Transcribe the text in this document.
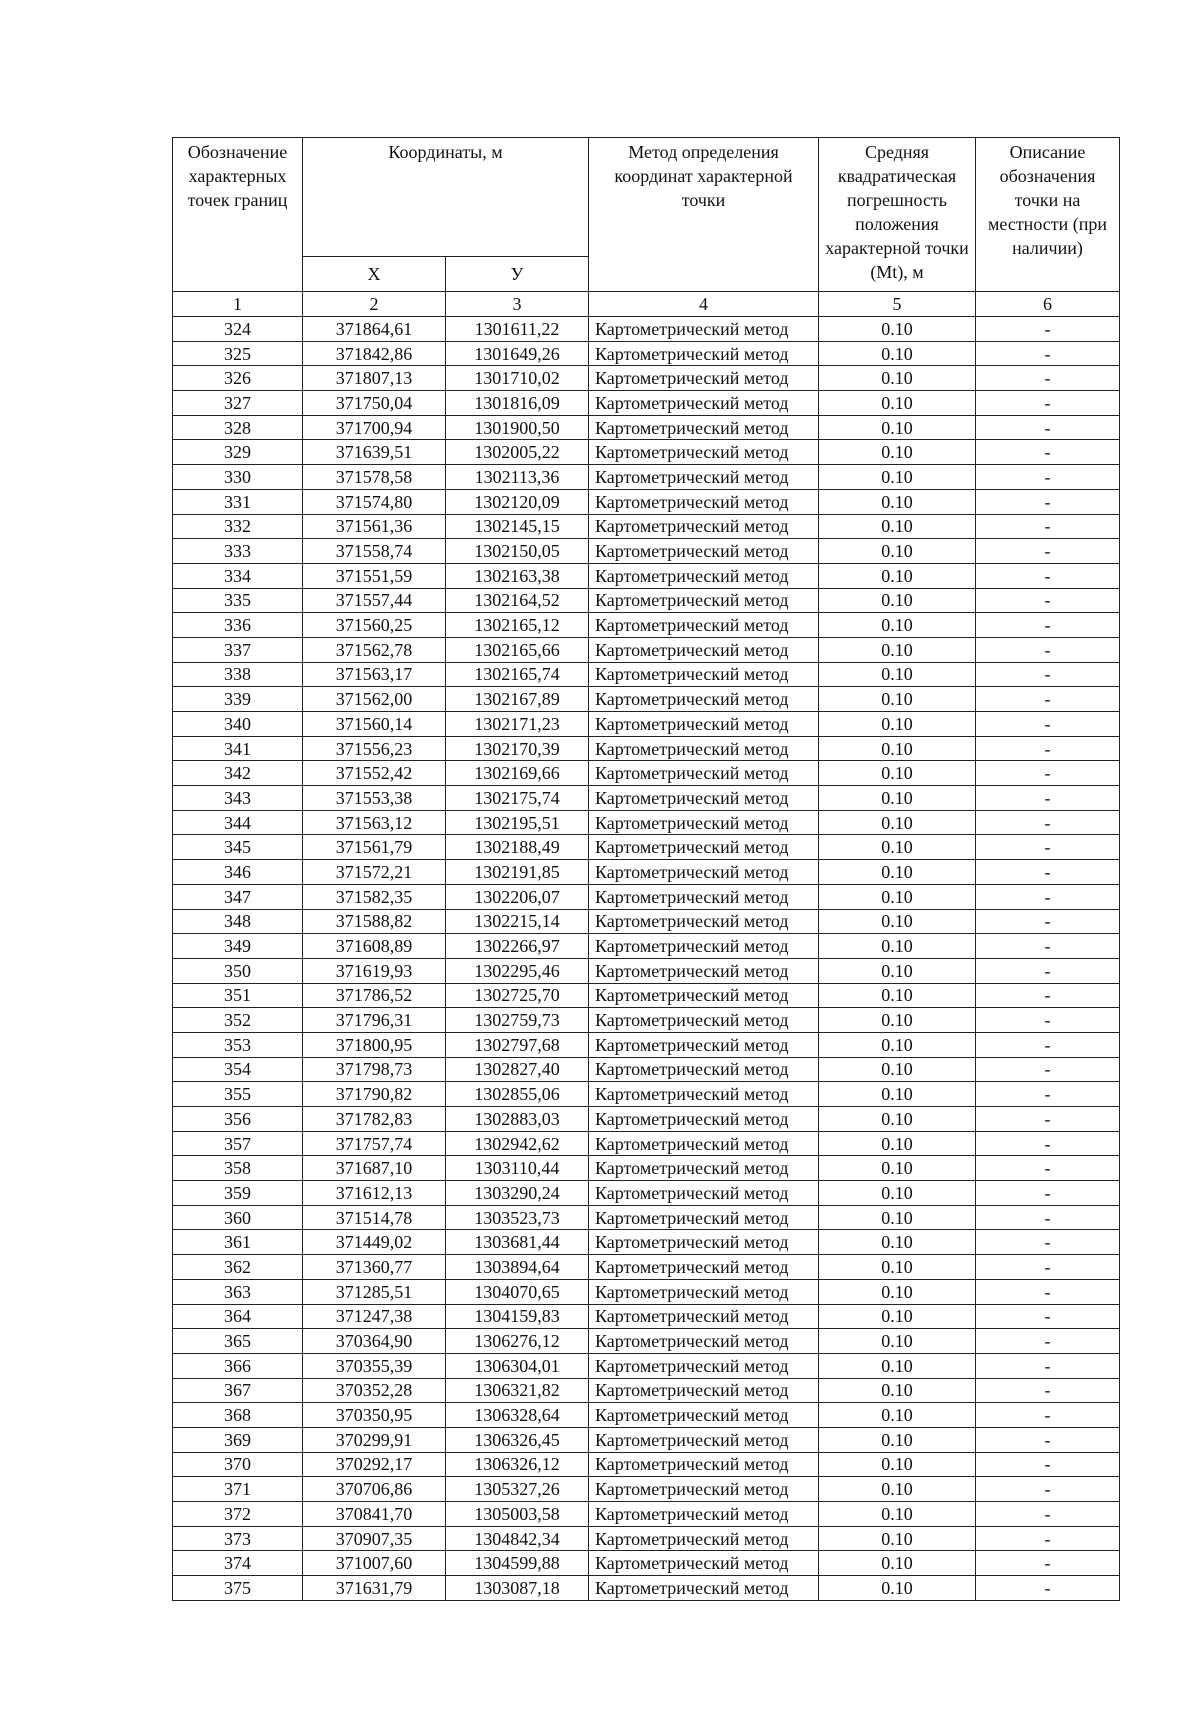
Обозначение характерных точек границ	Координаты, м		Метод определения координат характерной точки	Средняя квадратическая погрешность положения характерной точки (Mt), м	Описание обозначения точки на местности (при наличии)

	X	У			
1	2	3	4	5	6
324	371864,61	1301611,22	Картометрический метод	0.10	-
325	371842,86	1301649,26	Картометрический метод	0.10	-
326	371807,13	1301710,02	Картометрический метод	0.10	-
327	371750,04	1301816,09	Картометрический метод	0.10	-
328	371700,94	1301900,50	Картометрический метод	0.10	-
329	371639,51	1302005,22	Картометрический метод	0.10	-
330	371578,58	1302113,36	Картометрический метод	0.10	-
331	371574,80	1302120,09	Картометрический метод	0.10	-
332	371561,36	1302145,15	Картометрический метод	0.10	-
333	371558,74	1302150,05	Картометрический метод	0.10	-
334	371551,59	1302163,38	Картометрический метод	0.10	-
335	371557,44	1302164,52	Картометрический метод	0.10	-
336	371560,25	1302165,12	Картометрический метод	0.10	-
337	371562,78	1302165,66	Картометрический метод	0.10	-
338	371563,17	1302165,74	Картометрический метод	0.10	-
339	371562,00	1302167,89	Картометрический метод	0.10	-
340	371560,14	1302171,23	Картометрический метод	0.10	-
341	371556,23	1302170,39	Картометрический метод	0.10	-
342	371552,42	1302169,66	Картометрический метод	0.10	-
343	371553,38	1302175,74	Картометрический метод	0.10	-
344	371563,12	1302195,51	Картометрический метод	0.10	-
345	371561,79	1302188,49	Картометрический метод	0.10	-
346	371572,21	1302191,85	Картометрический метод	0.10	-
347	371582,35	1302206,07	Картометрический метод	0.10	-
348	371588,82	1302215,14	Картометрический метод	0.10	-
349	371608,89	1302266,97	Картометрический метод	0.10	-
350	371619,93	1302295,46	Картометрический метод	0.10	-
351	371786,52	1302725,70	Картометрический метод	0.10	-
352	371796,31	1302759,73	Картометрический метод	0.10	-
353	371800,95	1302797,68	Картометрический метод	0.10	-
354	371798,73	1302827,40	Картометрический метод	0.10	-
355	371790,82	1302855,06	Картометрический метод	0.10	-
356	371782,83	1302883,03	Картометрический метод	0.10	-
357	371757,74	1302942,62	Картометрический метод	0.10	-
358	371687,10	1303110,44	Картометрический метод	0.10	-
359	371612,13	1303290,24	Картометрический метод	0.10	-
360	371514,78	1303523,73	Картометрический метод	0.10	-
361	371449,02	1303681,44	Картометрический метод	0.10	-
362	371360,77	1303894,64	Картометрический метод	0.10	-
363	371285,51	1304070,65	Картометрический метод	0.10	-
364	371247,38	1304159,83	Картометрический метод	0.10	-
365	370364,90	1306276,12	Картометрический метод	0.10	-
366	370355,39	1306304,01	Картометрический метод	0.10	-
367	370352,28	1306321,82	Картометрический метод	0.10	-
368	370350,95	1306328,64	Картометрический метод	0.10	-
369	370299,91	1306326,45	Картометрический метод	0.10	-
370	370292,17	1306326,12	Картометрический метод	0.10	-
371	370706,86	1305327,26	Картометрический метод	0.10	-
372	370841,70	1305003,58	Картометрический метод	0.10	-
373	370907,35	1304842,34	Картометрический метод	0.10	-
374	371007,60	1304599,88	Картометрический метод	0.10	-
375	371631,79	1303087,18	Картометрический метод	0.10	-
